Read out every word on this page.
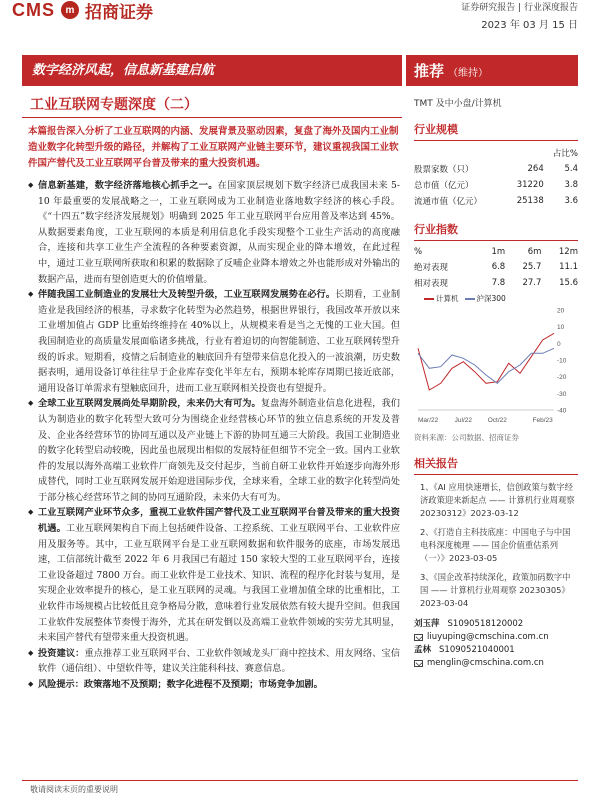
CMS	m 招商证券	证券研究报告 | 行业深度报告
2023 年 03 月 15 日
数字经济风起，信息新基建启航	推荐 （维持）
工业互联网专题深度（二）
本篇报告深入分析了工业互联网的内涵、发展背景及驱动因素，复盘了海外及国内工业制造业数字化转型升级的路径，并解构了工业互联网产业链主要环节，建议重视我国工业软件国产替代及工业互联网平台普及带来的重大投资机遇。
◆ 信息新基建，数字经济落地核心抓手之一。在国家顶层规划下数字经济已成我国未来 5-10 年最重要的发展战略之一，工业互联网成为工业制造业落地数字经济的核心手段。《“十四五”数字经济发展规划》明确到 2025 年工业互联网平台应用普及率达到 45%。从数据要素角度，工业互联网的本质是利用信息化手段实现整个工业生产活动的高度融合，连接和共享工业生产全流程的各种要素资源，从而实现企业的降本增效，在此过程中，通过工业互联网所获取和积累的数据除了反哺企业降本增效之外也能形成对外输出的数据产品，进而有望创造更大的价值增量。
◆ 伴随我国工业制造业的发展壮大及转型升级，工业互联网发展势在必行。长期看，工业制造业是我国经济的根基，寻求数字化转型为必然趋势，根据世界银行，我国改革开放以来工业增加值占 GDP 比重始终维持在 40%以上，从规模来看是当之无愧的工业大国。但我国制造业的高质量发展面临诸多挑战，行业有着迫切的向智能制造、工业互联网转型升级的诉求。短期看，疫情之后制造业的触底回升有望带来信息化投入的一波浪潮，历史数据表明，通用设备订单往往早于企业库存变化半年左右，预期本轮库存周期已接近底部，通用设备订单需求有望触底回升，进而工业互联网相关投资也有望提升。
◆ 全球工业互联网发展尚处早期阶段，未来仍大有可为。复盘海外制造业信息化进程，我们认为制造业的数字化转型大致可分为围绕企业经营核心环节的独立信息系统的开发及普及、企业各经营环节的协同互通以及产业链上下游的协同互通三大阶段。我国工业制造业的数字化转型启动较晚，因此虽也展现出相似的发展特征但细节不完全一致。国内工业软件的发展以海外高端工业软件厂商领先及交付起步，当前自研工业软件开始逐步向海外形成替代，同时工业互联网发展开始迎进国际步伐，全球来看，全球工业的数字化转型尚处于部分核心经营环节之间的协同互通阶段，未来仍大有可为。
◆ 工业互联网产业环节众多，重视工业软件国产替代及工业互联网平台普及带来的重大投资机遇。工业互联网架构自下而上包括硬件设备、工控系统、工业互联网平台、工业软件应用及服务等。其中，工业互联网平台是工业互联网数据和软件服务的底座，市场发展迅速，工信部统计截至 2022 年 6 月我国已有超过 150 家较大型的工业互联网平台，连接工业设备超过 7800 万台。而工业软件是工业技术、知识、流程的程序化封装与复用，是实现企业效率提升的核心，是工业互联网的灵魂。与我国工业增加值全球的比重相比，工业软件市场规模占比较低且竞争格局分散，意味着行业发展依然有较大提升空间。但我国工业软件发展整体节奏慢于海外，尤其在研发倒以及高端工业软件领域的实劳尤其明显，未来国产替代有望带来重大投资机遇。
◆ 投资建议：重点推荐工业互联网平台、工业软件领域龙头厂商中控技术、用友网络、宝信软件（通信组）、中望软件等，建议关注能科科技、赛意信息。
◆ 风险提示：政策落地不及预期；数字化进程不及预期；市场竞争加剧。
TMT 及中小盘/计算机
行业规模
		占比%
股票家数（只）	264	5.4
总市值（亿元）	31220	3.8
流通市值（亿元）	25138	3.6
行业指数
%	1m	6m	12m
绝对表现	6.8	25.7	11.1
相对表现	7.8	27.7	15.6
计算机	沪深300
20
10
0
-10
-20
-30
-40
Mar/22	Jul/22 Oct/22	Feb/23
资料来源：公司数据、招商证券
相关报告
1、《AI 应用快速增长，信创政策与数字经济政策迎来新起点 —— 计算机行业周观察 20230312》2023-03-12
2、《打造自主科技底座：中国电子与中国电科深度梳理 —— 国企价值重估系列（一）》2023-03-05
3、《国企改革持续深化，政策加码数字中国 —— 计算机行业周观察 20230305》2023-03-04
刘玉萍 S1090518120002
liuyuping@cmschina.com.cn
孟林 S1090521040001
menglin@cmschina.com.cn
敬请阅读末页的重要说明
